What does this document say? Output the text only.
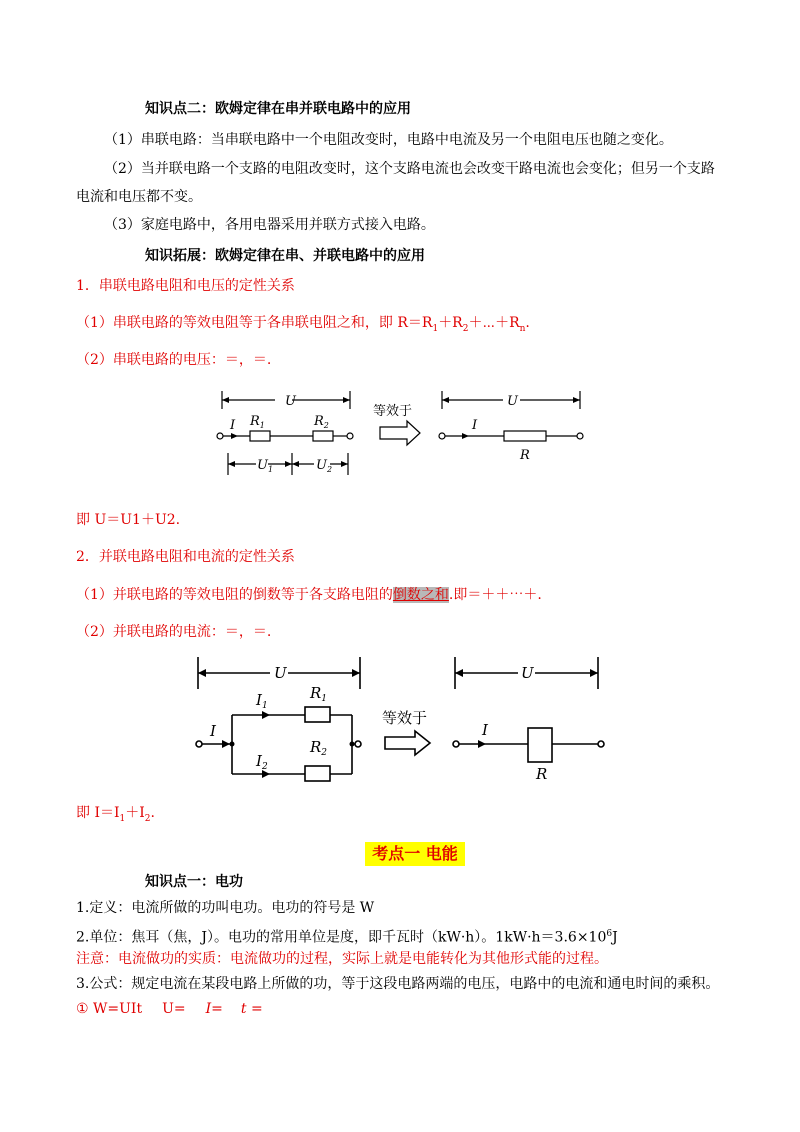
知识点二：欧姆定律在串并联电路中的应用
（1）串联电路：当串联电路中一个电阻改变时，电路中电流及另一个电阻电压也随之变化。
（2）当并联电路一个支路的电阻改变时，这个支路电流也会改变干路电流也会变化；但另一个支路
电流和电压都不变。
（3）家庭电路中，各用电器采用并联方式接入电路。
知识拓展：欧姆定律在串、并联电路中的应用
1．串联电路电阻和电压的定性关系
（1）串联电路的等效电阻等于各串联电阻之和，即 $R=R_1+R_2+\cdots+R_n$.
（2）串联电路的电压：＝，＝.
U
I $R_1$	$R_2$
$U_1$	$U_2$
U
I
R
等效于
即 U＝U1＋U2.
2．并联电路电阻和电流的定性关系
（1）并联电路的等效电阻的倒数等于各支路电阻的倒数之和.即＝＋＋⋯＋.
（2）并联电路的电流：＝，＝.
U
I
$I_1$
$I_2$
$R_1$
$R_2$
U
I
R
等效于
即 $I=I_1+I_2$.
考点一 电能
知识点一：电功
1.定义：电流所做的功叫电功。电功的符号是 W
2.单位：焦耳（焦，J）。电功的常用单位是度，即千瓦时（kW·h）。$1kW\cdot h=3.6\times 10^6J$
注意：电流做功的实质：电流做功的过程，实际上就是电能转化为其他形式能的过程。
3.公式：规定电流在某段电路上所做的功，等于这段电路两端的电压，电路中的电流和通电时间的乘积。
① W=UIt U= I= t =
